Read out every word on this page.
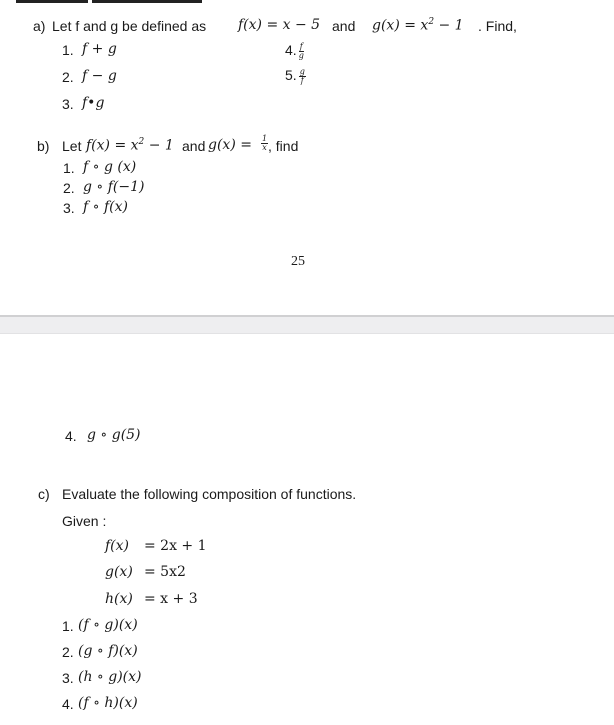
a) Let f and g be defined as f(x) = x − 5 and $g(x) = x^2 - 1$ . Find,
1. f + g
2. f − g
3. f•g
4. $\frac{f}{g}$
5. $\frac{g}{f}$
b) Let $f(x) = x^2 - 1$ and $g(x) = \frac{1}{x}$ , find
1. f ∘ g (x)
2. g ∘ f(−1)
3. f ∘ f(x)
25
4. g ∘ g(5)
c) Evaluate the following composition of functions.
Given :
f(x) = 2x + 1
g(x) = 5x2
h(x) = x + 3
1. (f ∘ g)(x)
2. (g ∘ f)(x)
3. (h ∘ g)(x)
4. (f ∘ h)(x)
